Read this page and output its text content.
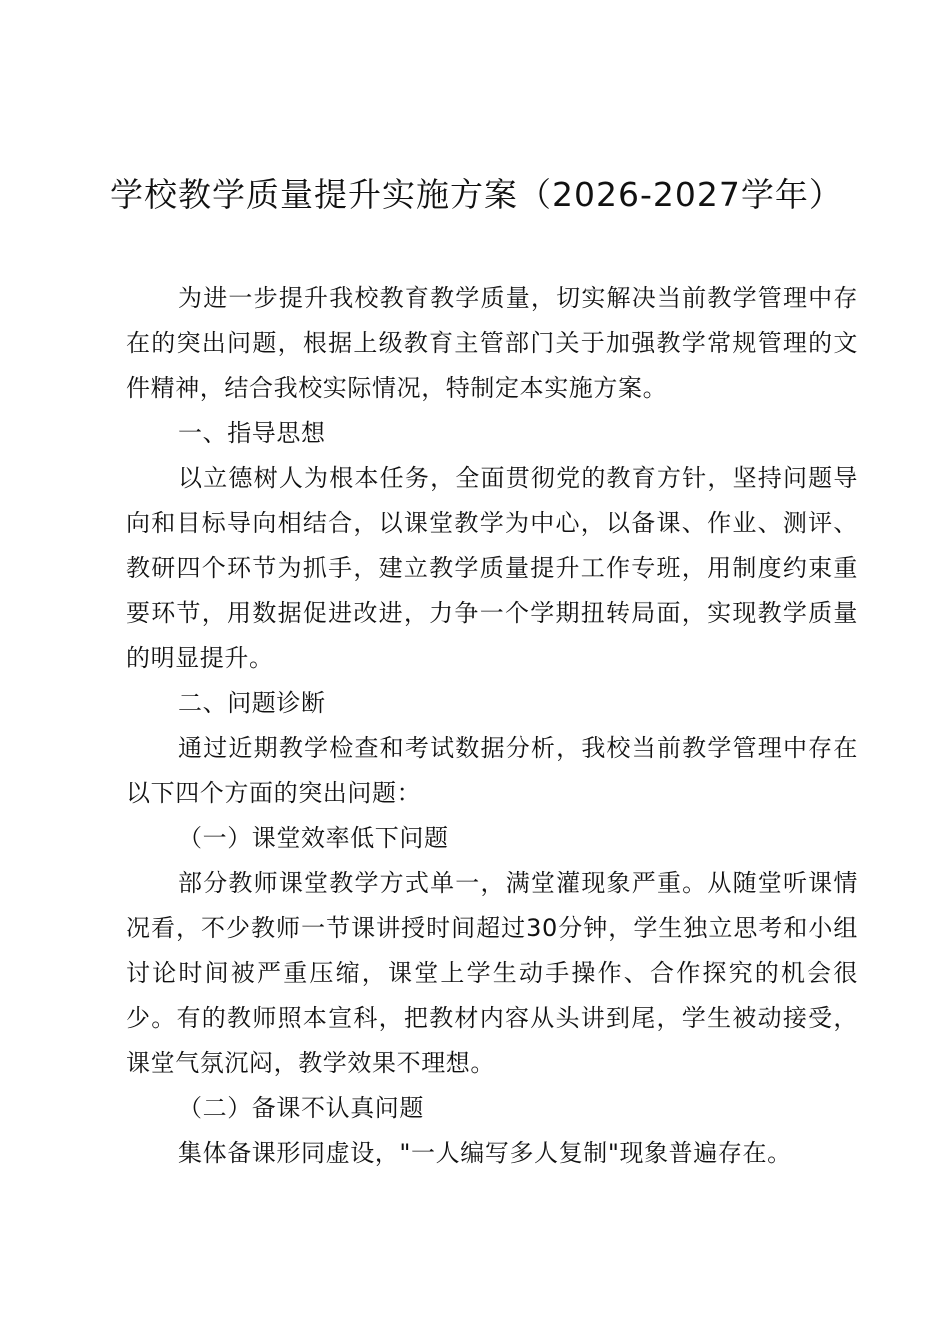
学校教学质量提升实施方案（2026-2027学年）

为进一步提升我校教育教学质量，切实解决当前教学管理中存在的突出问题，根据上级教育主管部门关于加强教学常规管理的文件精神，结合我校实际情况，特制定本实施方案。

一、指导思想

以立德树人为根本任务，全面贯彻党的教育方针，坚持问题导向和目标导向相结合，以课堂教学为中心，以备课、作业、测评、教研四个环节为抓手，建立教学质量提升工作专班，用制度约束重要环节，用数据促进改进，力争一个学期扭转局面，实现教学质量的明显提升。

二、问题诊断

通过近期教学检查和考试数据分析，我校当前教学管理中存在以下四个方面的突出问题：

（一）课堂效率低下问题

部分教师课堂教学方式单一，满堂灌现象严重。从随堂听课情况看，不少教师一节课讲授时间超过30分钟，学生独立思考和小组讨论时间被严重压缩，课堂上学生动手操作、合作探究的机会很少。有的教师照本宣科，把教材内容从头讲到尾，学生被动接受，课堂气氛沉闷，教学效果不理想。

（二）备课不认真问题

集体备课形同虚设，"一人编写多人复制"现象普遍存在。
